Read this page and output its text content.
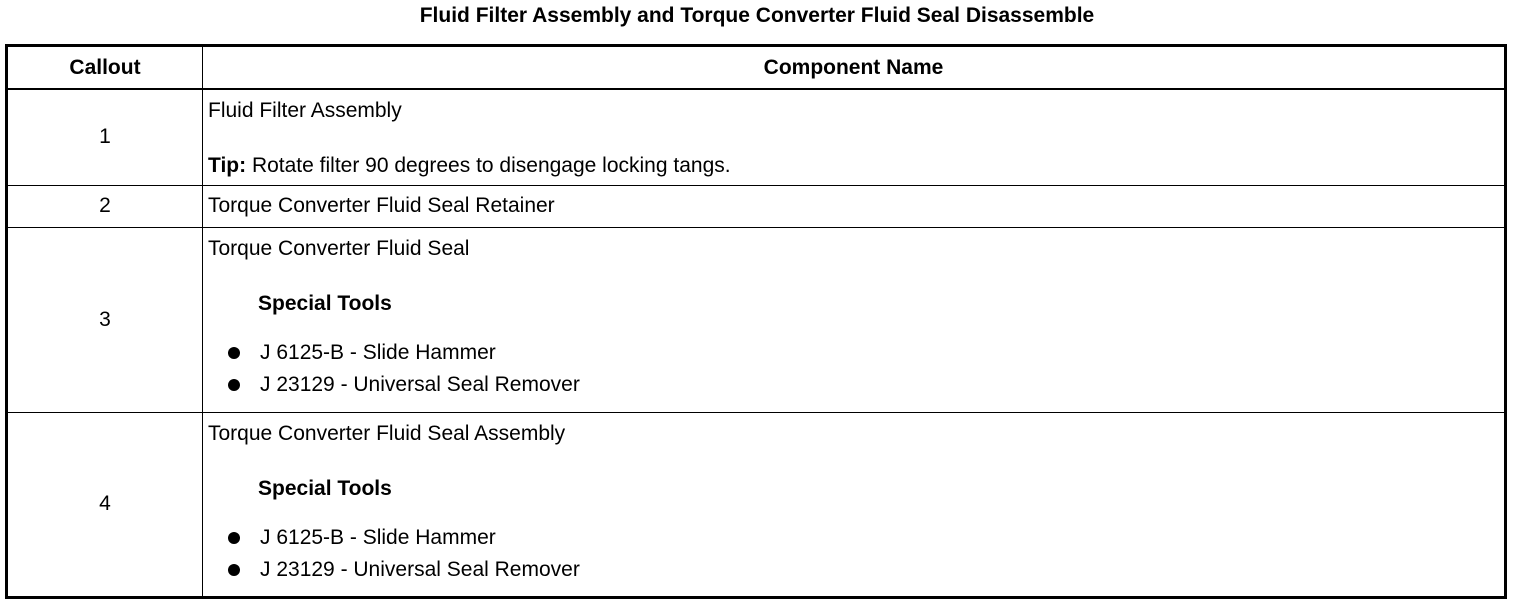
Fluid Filter Assembly and Torque Converter Fluid Seal Disassemble
Callout	Component Name
1	Fluid Filter Assembly
Tip: Rotate filter 90 degrees to disengage locking tangs.

2	Torque Converter Fluid Seal Retainer

3	Torque Converter Fluid Seal
Special Tools
J 6125-B - Slide Hammer
J 23129 - Universal Seal Remover

4	Torque Converter Fluid Seal Assembly
Special Tools
J 6125-B - Slide Hammer
J 23129 - Universal Seal Remover
